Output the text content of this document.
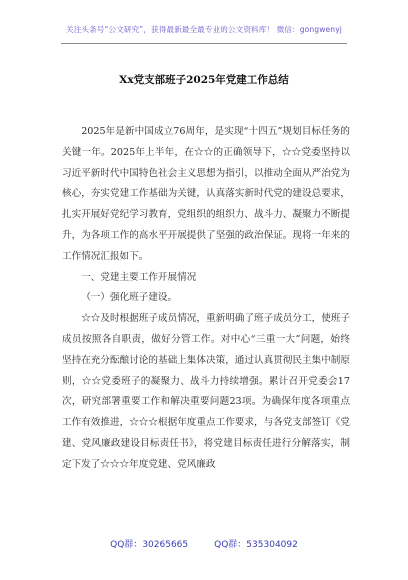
关注头条号“公文研究”，获得最新最全最专业的公文资料库！ 微信：gongwenyj
Xx党支部班子2025年党建工作总结

2025年是新中国成立76周年，是实现“十四五”规划目标任务的关键一年。2025年上半年，在☆☆的正确领导下，☆☆党委坚持以习近平新时代中国特色社会主义思想为指引，以推动全面从严治党为核心，夯实党建工作基础为关键，认真落实新时代党的建设总要求，扎实开展好党纪学习教育，党组织的组织力、战斗力、凝聚力不断提升，为各项工作的高水平开展提供了坚强的政治保证。现将一年来的工作情况汇报如下。

一、党建主要工作开展情况

（一）强化班子建设。

☆☆及时根据班子成员情况，重新明确了班子成员分工，使班子成员按照各自职责，做好分管工作。对中心“三重一大”问题，始终坚持在充分酝酿讨论的基础上集体决策，通过认真贯彻民主集中制原则，☆☆党委班子的凝聚力、战斗力持续增强。累计召开党委会17次，研究部署重要工作和解决重要问题23项。为确保年度各项重点工作有效推进，☆☆☆根据年度重点工作要求，与各党支部签订《党建、党风廉政建设目标责任书》，将党建目标责任进行分解落实，制定下发了☆☆☆年度党建、党风廉政

QQ群：30265665	QQ群：535304092
